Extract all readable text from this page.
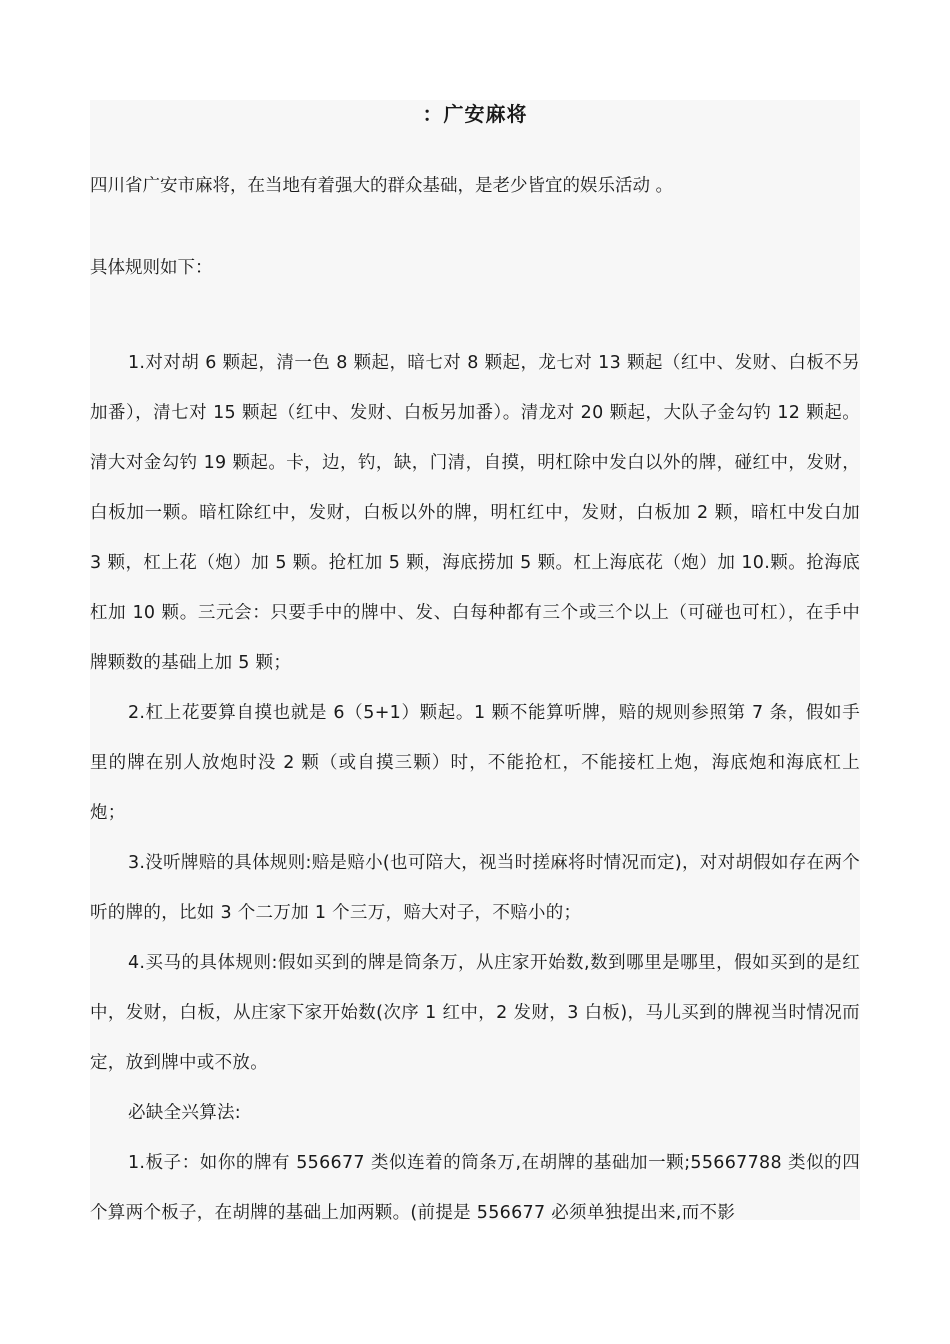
：广安麻将

四川省广安市麻将，在当地有着强大的群众基础，是老少皆宜的娱乐活动 。

具体规则如下：

1.对对胡 6 颗起，清一色 8 颗起，暗七对 8 颗起，龙七对 13 颗起（红中、发财、白板不另加番），清七对 15 颗起（红中、发财、白板另加番）。清龙对 20 颗起，大队子金勾钓 12 颗起。清大对金勾钓 19 颗起。卡，边，钓，缺，门清，自摸，明杠除中发白以外的牌，碰红中，发财，白板加一颗。暗杠除红中，发财，白板以外的牌，明杠红中，发财，白板加 2 颗，暗杠中发白加 3 颗，杠上花（炮）加 5 颗。抢杠加 5 颗，海底捞加 5 颗。杠上海底花（炮）加 10.颗。抢海底杠加 10 颗。三元会：只要手中的牌中、发、白每种都有三个或三个以上（可碰也可杠），在手中牌颗数的基础上加 5 颗；

2.杠上花要算自摸也就是 6（5+1）颗起。1 颗不能算听牌，赔的规则参照第 7 条，假如手里的牌在别人放炮时没 2 颗（或自摸三颗）时，不能抢杠，不能接杠上炮，海底炮和海底杠上炮；

3.没听牌赔的具体规则:赔是赔小(也可陪大，视当时搓麻将时情况而定)，对对胡假如存在两个听的牌的，比如 3 个二万加 1 个三万，赔大对子，不赔小的；

4.买马的具体规则:假如买到的牌是筒条万，从庄家开始数,数到哪里是哪里，假如买到的是红中，发财，白板，从庄家下家开始数(次序 1 红中，2 发财，3 白板)，马儿买到的牌视当时情况而定，放到牌中或不放。

必缺全兴算法:

1.板子：如你的牌有 556677 类似连着的筒条万,在胡牌的基础加一颗;55667788 类似的四个算两个板子，在胡牌的基础上加两颗。(前提是 556677 必须单独提出来,而不影
